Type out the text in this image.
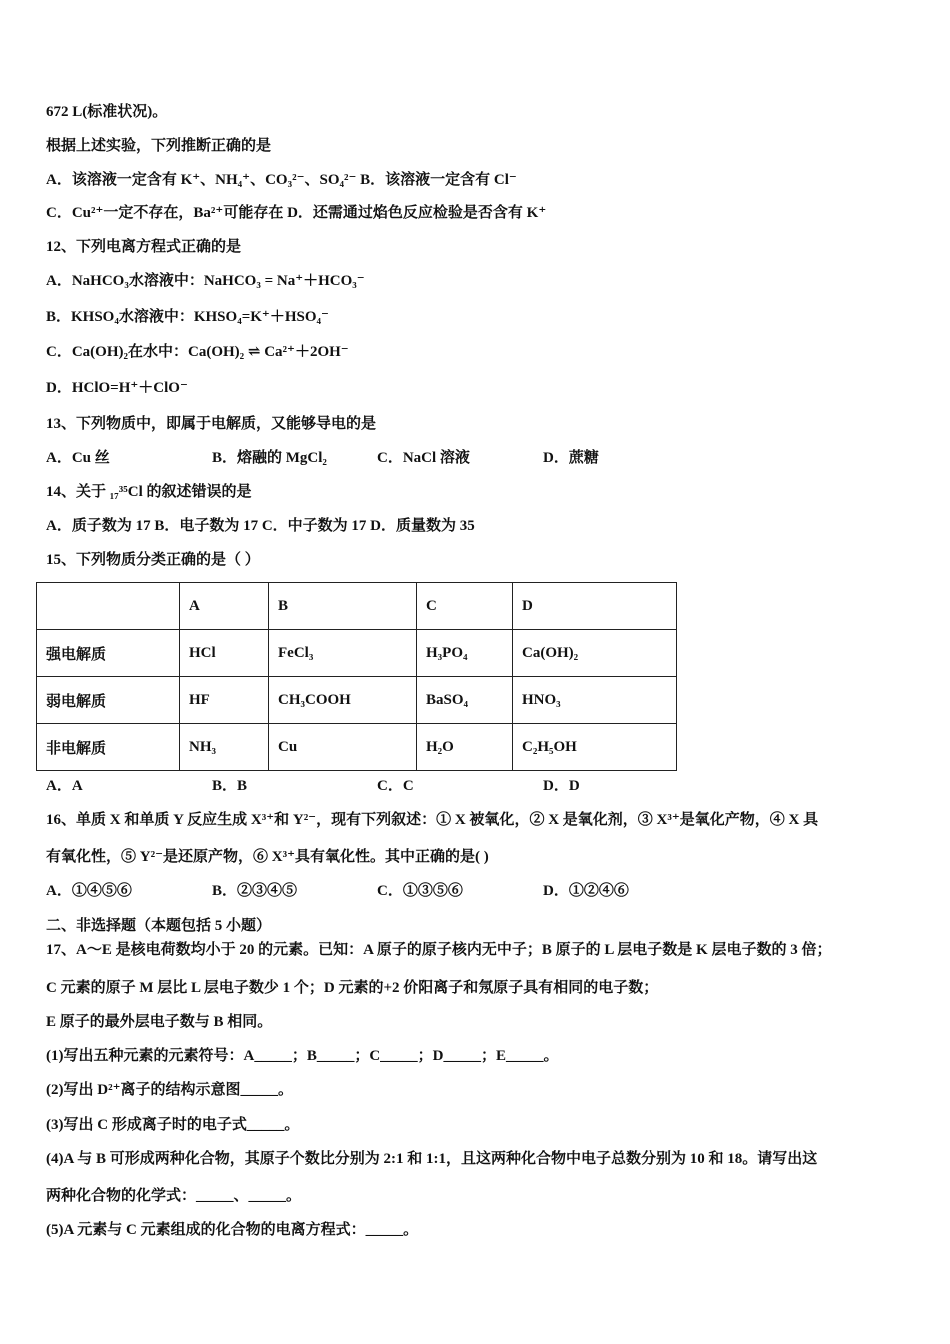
672 L(标准状况)。
根据上述实验，下列推断正确的是
A．该溶液一定含有 K⁺、NH₄⁺、CO₃²⁻、SO₄²⁻ B．该溶液一定含有 Cl⁻
C．Cu²⁺一定不存在，Ba²⁺可能存在 D．还需通过焰色反应检验是否含有 K⁺
12、下列电离方程式正确的是
A．NaHCO₃水溶液中：NaHCO₃ = Na⁺＋HCO₃⁻
B．KHSO₄水溶液中：KHSO₄=K⁺＋HSO₄⁻
C．Ca(OH)₂在水中：Ca(OH)₂ ⇌ Ca²⁺＋2OH⁻
D．HClO=H⁺＋ClO⁻
13、下列物质中，即属于电解质，又能够导电的是
A．Cu 丝	B．熔融的 MgCl₂	C．NaCl 溶液	D．蔗糖
14、关于 ₁₇³⁵Cl 的叙述错误的是
A．质子数为 17 B．电子数为 17 C．中子数为 17 D．质量数为 35
15、下列物质分类正确的是（ ）
	A	B	C	D
强电解质	HCl	FeCl₃	H₃PO₄	Ca(OH)₂
弱电解质	HF	CH₃COOH	BaSO₄	HNO₃
非电解质	NH₃	Cu	H₂O	C₂H₅OH
A．A	B．B	C．C	D．D
16、单质 X 和单质 Y 反应生成 X³⁺和 Y²⁻，现有下列叙述：① X 被氧化，② X 是氧化剂，③ X³⁺是氧化产物，④ X 具
有氧化性，⑤ Y²⁻是还原产物，⑥ X³⁺具有氧化性。其中正确的是( )
A．①④⑤⑥	B．②③④⑤	C．①③⑤⑥	D．①②④⑥
二、非选择题（本题包括 5 小题）
17、A～E 是核电荷数均小于 20 的元素。已知：A 原子的原子核内无中子；B 原子的 L 层电子数是 K 层电子数的 3 倍；
C 元素的原子 M 层比 L 层电子数少 1 个；D 元素的+2 价阳离子和氖原子具有相同的电子数；
E 原子的最外层电子数与 B 相同。
(1)写出五种元素的元素符号：A_____；B_____；C_____；D_____；E_____。
(2)写出 D²⁺离子的结构示意图_____。
(3)写出 C 形成离子时的电子式_____。
(4)A 与 B 可形成两种化合物，其原子个数比分别为 2:1 和 1:1，且这两种化合物中电子总数分别为 10 和 18。请写出这
两种化合物的化学式：_____、_____。
(5)A 元素与 C 元素组成的化合物的电离方程式：_____。
